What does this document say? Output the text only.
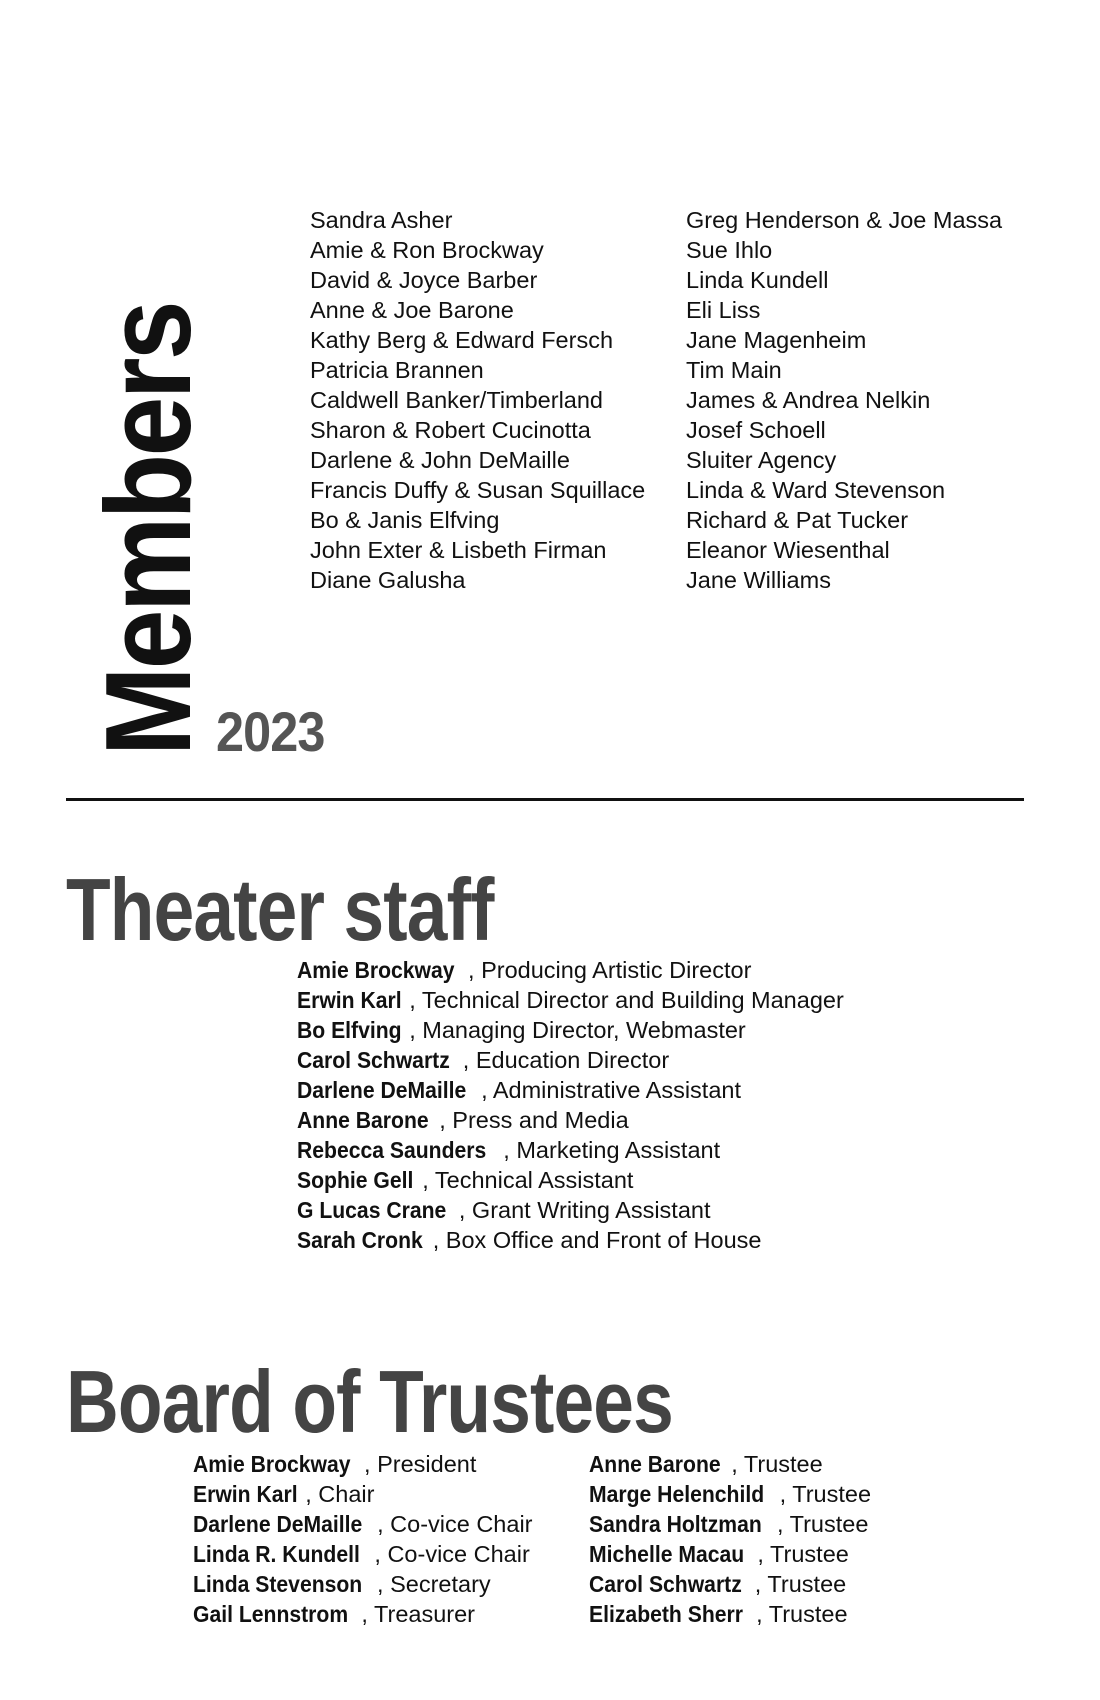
Members 2023
Sandra Asher
Amie & Ron Brockway
David & Joyce Barber
Anne & Joe Barone
Kathy Berg & Edward Fersch
Patricia Brannen
Caldwell Banker/Timberland
Sharon & Robert Cucinotta
Darlene & John DeMaille
Francis Duffy & Susan Squillace
Bo & Janis Elfving
John Exter & Lisbeth Firman
Diane Galusha
Greg Henderson & Joe Massa
Sue Ihlo
Linda Kundell
Eli Liss
Jane Magenheim
Tim Main
James & Andrea Nelkin
Josef Schoell
Sluiter Agency
Linda & Ward Stevenson
Richard & Pat Tucker
Eleanor Wiesenthal
Jane Williams
Theater staff
Amie Brockway , Producing Artistic Director
Erwin Karl , Technical Director and Building Manager
Bo Elfving , Managing Director, Webmaster
Carol Schwartz , Education Director
Darlene DeMaille , Administrative Assistant
Anne Barone , Press and Media
Rebecca Saunders , Marketing Assistant
Sophie Gell , Technical Assistant
G Lucas Crane , Grant Writing Assistant
Sarah Cronk , Box Office and Front of House
Board of Trustees
Amie Brockway , President
Erwin Karl , Chair
Darlene DeMaille , Co-vice Chair
Linda R. Kundell , Co-vice Chair
Linda Stevenson , Secretary
Gail Lennstrom , Treasurer
Anne Barone , Trustee
Marge Helenchild , Trustee
Sandra Holtzman , Trustee
Michelle Macau , Trustee
Carol Schwartz , Trustee
Elizabeth Sherr , Trustee
